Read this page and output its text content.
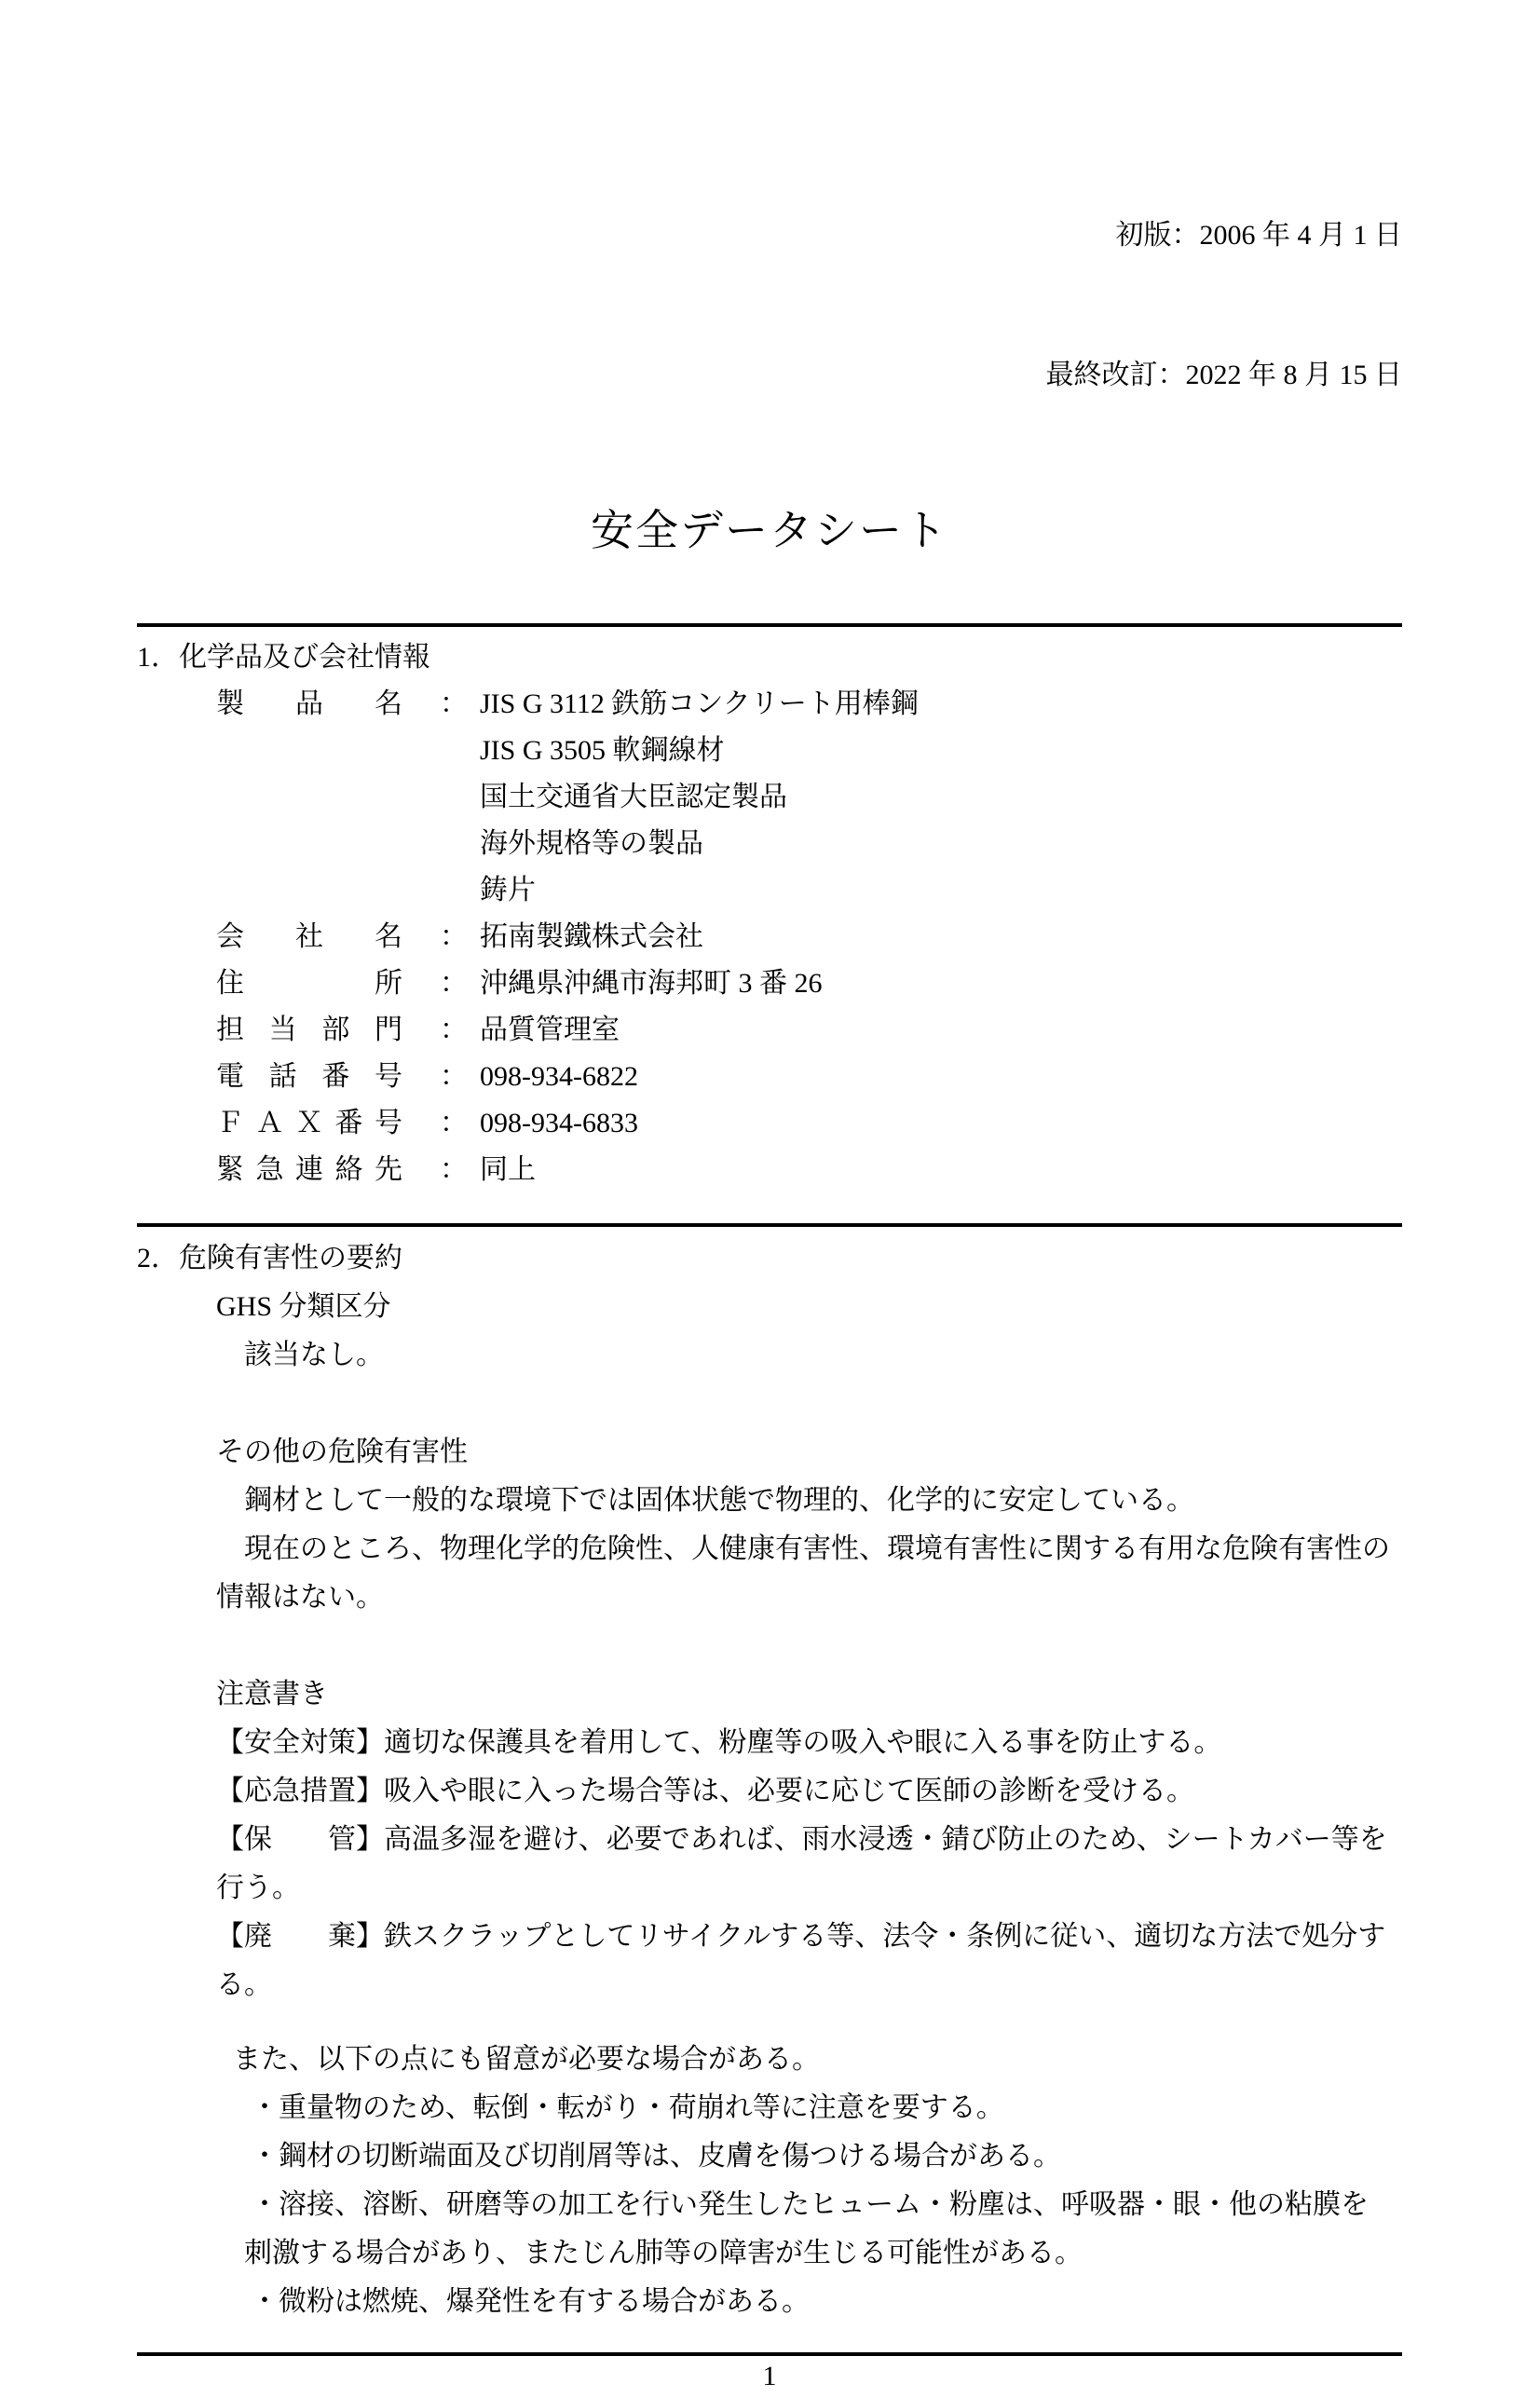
初版：2006 年 4 月 1 日

最終改訂：2022 年 8 月 15 日

安全データシート
1．化学品及び会社情報
製品名 ： JIS G 3112 鉄筋コンクリート用棒鋼
JIS G 3505 軟鋼線材
国土交通省大臣認定製品
海外規格等の製品
鋳片
会社名 ： 拓南製鐵株式会社
住所 ： 沖縄県沖縄市海邦町 3 番 26
担当部門 ： 品質管理室
電話番号 ： 098-934-6822
ＦＡＸ番号 ： 098-934-6833
緊急連絡先 ： 同上
2．危険有害性の要約
GHS 分類区分
該当なし。
その他の危険有害性
鋼材として一般的な環境下では固体状態で物理的、化学的に安定している。
現在のところ、物理化学的危険性、人健康有害性、環境有害性に関する有用な危険有害性の
情報はない。
注意書き
【安全対策】適切な保護具を着用して、粉塵等の吸入や眼に入る事を防止する。
【応急措置】吸入や眼に入った場合等は、必要に応じて医師の診断を受ける。
【保　　管】高温多湿を避け、必要であれば、雨水浸透・錆び防止のため、シートカバー等を行う。
【廃　　棄】鉄スクラップとしてリサイクルする等、法令・条例に従い、適切な方法で処分する。
また、以下の点にも留意が必要な場合がある。
・重量物のため、転倒・転がり・荷崩れ等に注意を要する。
・鋼材の切断端面及び切削屑等は、皮膚を傷つける場合がある。
・溶接、溶断、研磨等の加工を行い発生したヒューム・粉塵は、呼吸器・眼・他の粘膜を
刺激する場合があり、またじん肺等の障害が生じる可能性がある。
・微粉は燃焼、爆発性を有する場合がある。
1
